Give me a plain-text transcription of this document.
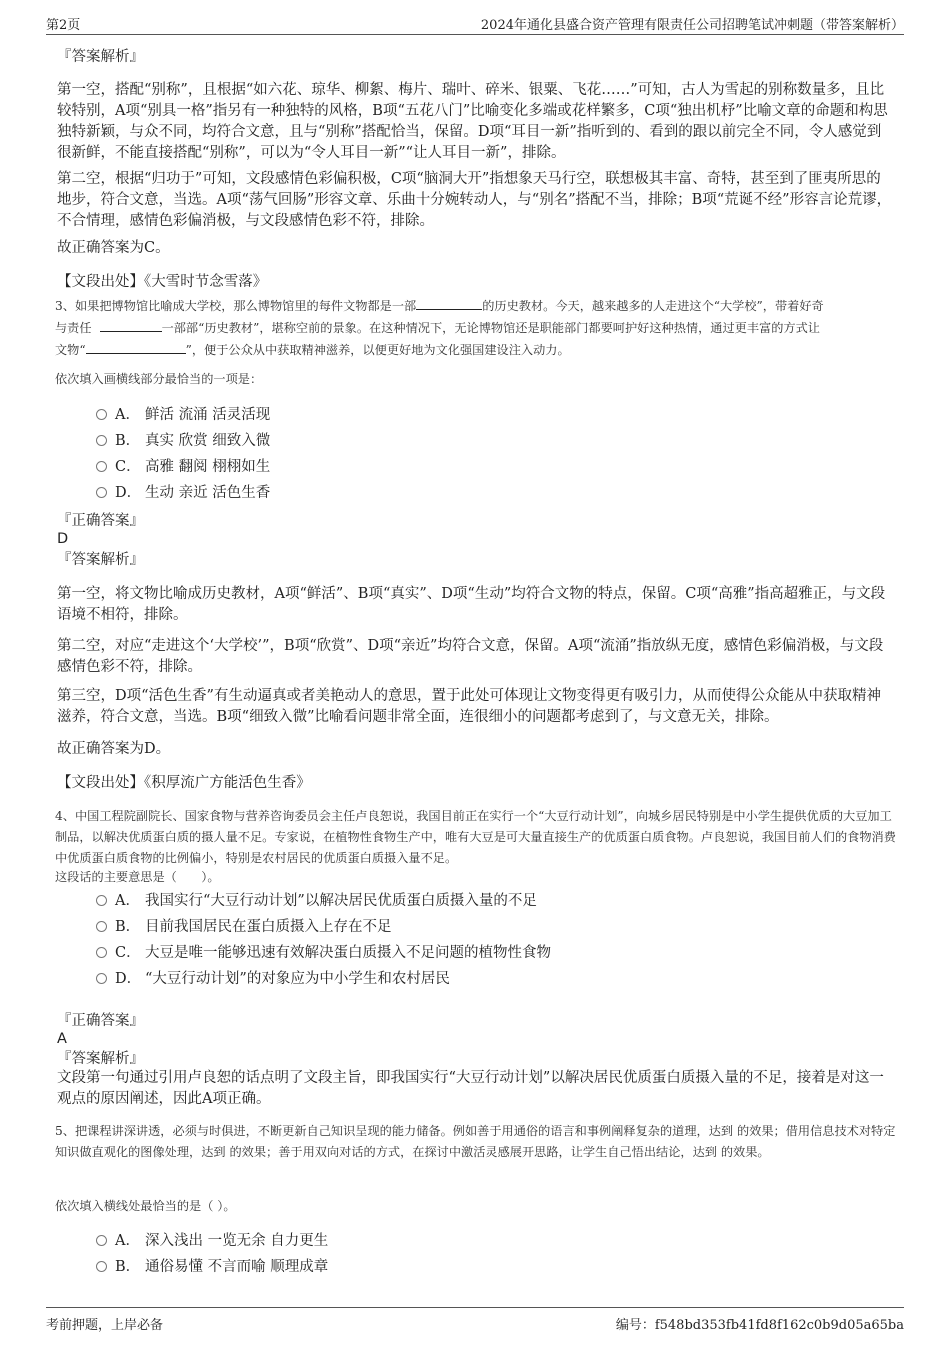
第2页	2024年通化县盛合资产管理有限责任公司招聘笔试冲刺题（带答案解析）
『答案解析』

第一空，搭配“别称”，且根据“如六花、琼华、柳絮、梅片、瑞叶、碎米、银粟、飞花……”可知，古人为雪起的别称数量多，且比较特别，A项“别具一格”指另有一种独特的风格，B项“五花八门”比喻变化多端或花样繁多，C项“独出机杼”比喻文章的命题和构思独特新颖，与众不同，均符合文意，且与“别称”搭配恰当，保留。D项“耳目一新”指听到的、看到的跟以前完全不同，令人感觉到很新鲜，不能直接搭配“别称”，可以为“令人耳目一新”“让人耳目一新”，排除。

第二空，根据“归功于”可知，文段感情色彩偏积极，C项“脑洞大开”指想象天马行空，联想极其丰富、奇特，甚至到了匪夷所思的地步，符合文意，当选。A项“荡气回肠”形容文章、乐曲十分婉转动人，与“别名”搭配不当，排除；B项“荒诞不经”形容言论荒谬，不合情理，感情色彩偏消极，与文段感情色彩不符，排除。

故正确答案为C。

【文段出处】《大雪时节念雪落》
3、如果把博物馆比喻成大学校，那么博物馆里的每件文物都是一部	的历史教材。今天，越来越多的人走进这个“大学校”，带着好奇
与责任	一部部“历史教材”，堪称空前的景象。在这种情况下，无论博物馆还是职能部门都要呵护好这种热情，通过更丰富的方式让
文物“	”，便于公众从中获取精神滋养，以便更好地为文化强国建设注入动力。
依次填入画横线部分最恰当的一项是：
A． 鲜活 流涌 活灵活现
B． 真实 欣赏 细致入微
C． 高雅 翻阅 栩栩如生
D． 生动 亲近 活色生香
『正确答案』
D
『答案解析』

第一空，将文物比喻成历史教材，A项“鲜活”、B项“真实”、D项“生动”均符合文物的特点，保留。C项“高雅”指高超雅正，与文段语境不相符，排除。

第二空，对应“走进这个‘大学校’”，B项“欣赏”、D项“亲近”均符合文意，保留。A项“流涌”指放纵无度，感情色彩偏消极，与文段感情色彩不符，排除。

第三空，D项“活色生香”有生动逼真或者美艳动人的意思，置于此处可体现让文物变得更有吸引力，从而使得公众能从中获取精神滋养，符合文意，当选。B项“细致入微”比喻看问题非常全面，连很细小的问题都考虑到了，与文意无关，排除。

故正确答案为D。

【文段出处】《积厚流广方能活色生香》

4、中国工程院副院长、国家食物与营养咨询委员会主任卢良恕说，我国目前正在实行一个“大豆行动计划”，向城乡居民特别是中小学生提供优质的大豆加工制品，以解决优质蛋白质的摄人量不足。专家说，在植物性食物生产中，唯有大豆是可大量直接生产的优质蛋白质食物。卢良恕说，我国目前人们的食物消费中优质蛋白质食物的比例偏小，特别是农村居民的优质蛋白质摄入量不足。

这段话的主要意思是（　　）。
A． 我国实行“大豆行动计划”以解决居民优质蛋白质摄入量的不足
B． 目前我国居民在蛋白质摄入上存在不足
C． 大豆是唯一能够迅速有效解决蛋白质摄入不足问题的植物性食物
D． “大豆行动计划”的对象应为中小学生和农村居民
『正确答案』
A
『答案解析』

文段第一句通过引用卢良恕的话点明了文段主旨，即我国实行“大豆行动计划”以解决居民优质蛋白质摄入量的不足，接着是对这一观点的原因阐述，因此A项正确。

5、把课程讲深讲透，必须与时俱进，不断更新自己知识呈现的能力储备。例如善于用通俗的语言和事例阐释复杂的道理，达到 的效果；借用信息技术对特定知识做直观化的图像处理，达到 的效果；善于用双向对话的方式，在探讨中激活灵感展开思路，让学生自己悟出结论，达到 的效果。

依次填入横线处最恰当的是（ ）。
A． 深入浅出 一览无余 自力更生
B． 通俗易懂 不言而喻 顺理成章
考前押题，上岸必备	编号：f548bd353fb41fd8f162c0b9d05a65ba
